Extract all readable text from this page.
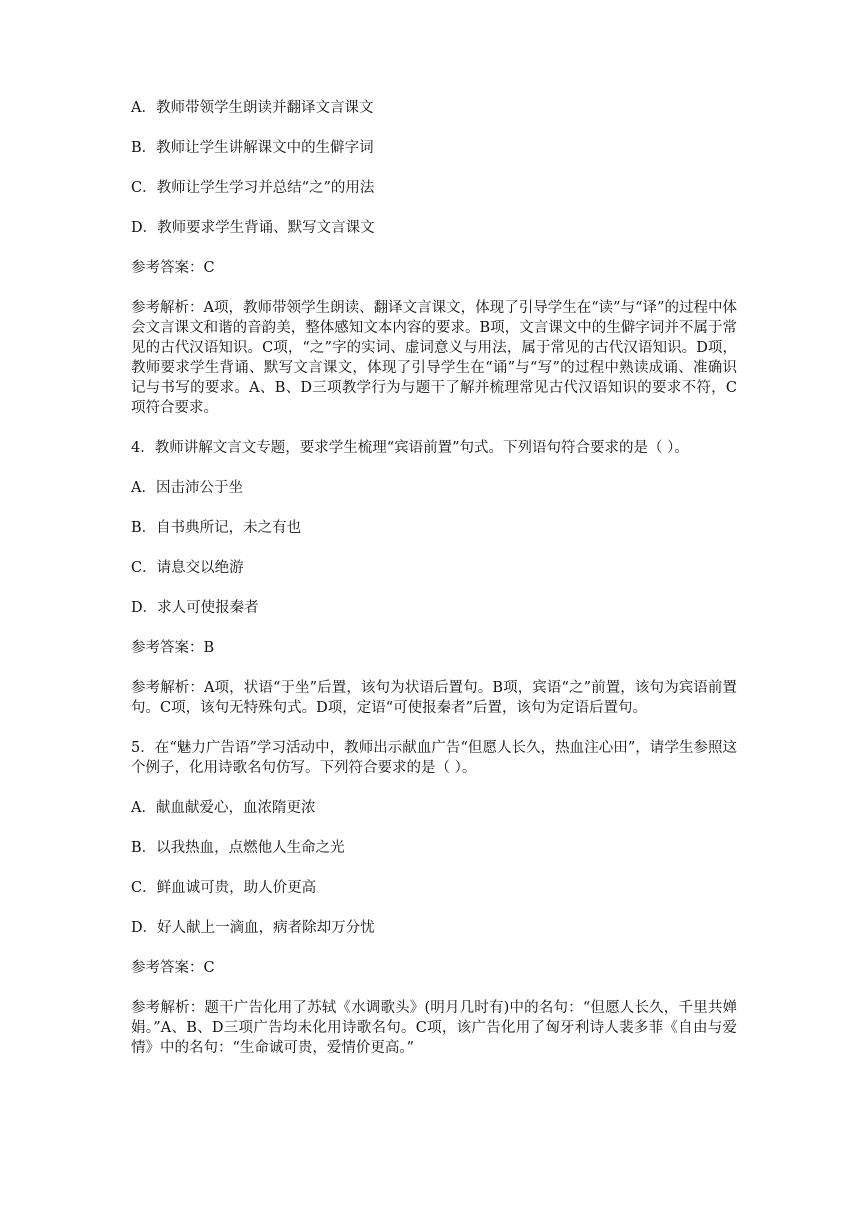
A．教师带领学生朗读并翻译文言课文

B．教师让学生讲解课文中的生僻字词

C．教师让学生学习并总结“之”的用法

D．教师要求学生背诵、默写文言课文

参考答案：C

参考解析：A项，教师带领学生朗读、翻译文言课文，体现了引导学生在“读”与“译”的过程中体会文言课文和谐的音韵美，整体感知文本内容的要求。B项，文言课文中的生僻字词并不属于常见的古代汉语知识。C项，“之”字的实词、虚词意义与用法，属于常见的古代汉语知识。D项，教师要求学生背诵、默写文言课文，体现了引导学生在“诵”与“写”的过程中熟读成诵、准确识记与书写的要求。A、B、D三项教学行为与题干了解并梳理常见古代汉语知识的要求不符，C项符合要求。

4．教师讲解文言文专题，要求学生梳理“宾语前置”句式。下列语句符合要求的是（ ）。

A．因击沛公于坐

B．自书典所记，未之有也

C．请息交以绝游

D．求人可使报秦者

参考答案：B

参考解析：A项，状语“于坐”后置，该句为状语后置句。B项，宾语“之”前置，该句为宾语前置句。C项，该句无特殊句式。D项，定语“可使报秦者”后置，该句为定语后置句。

5．在“魅力广告语”学习活动中，教师出示献血广告“但愿人长久，热血注心田”，请学生参照这个例子，化用诗歌名句仿写。下列符合要求的是（ ）。

A．献血献爱心，血浓隋更浓

B．以我热血，点燃他人生命之光

C．鲜血诚可贵，助人价更高

D．好人献上一滴血，病者除却万分忧

参考答案：C

参考解析：题干广告化用了苏轼《水调歌头》(明月几时有)中的名句：“但愿人长久，千里共婵娟。”A、B、D三项广告均未化用诗歌名句。C项，该广告化用了匈牙利诗人裴多菲《自由与爱情》中的名句：“生命诚可贵，爱情价更高。”
